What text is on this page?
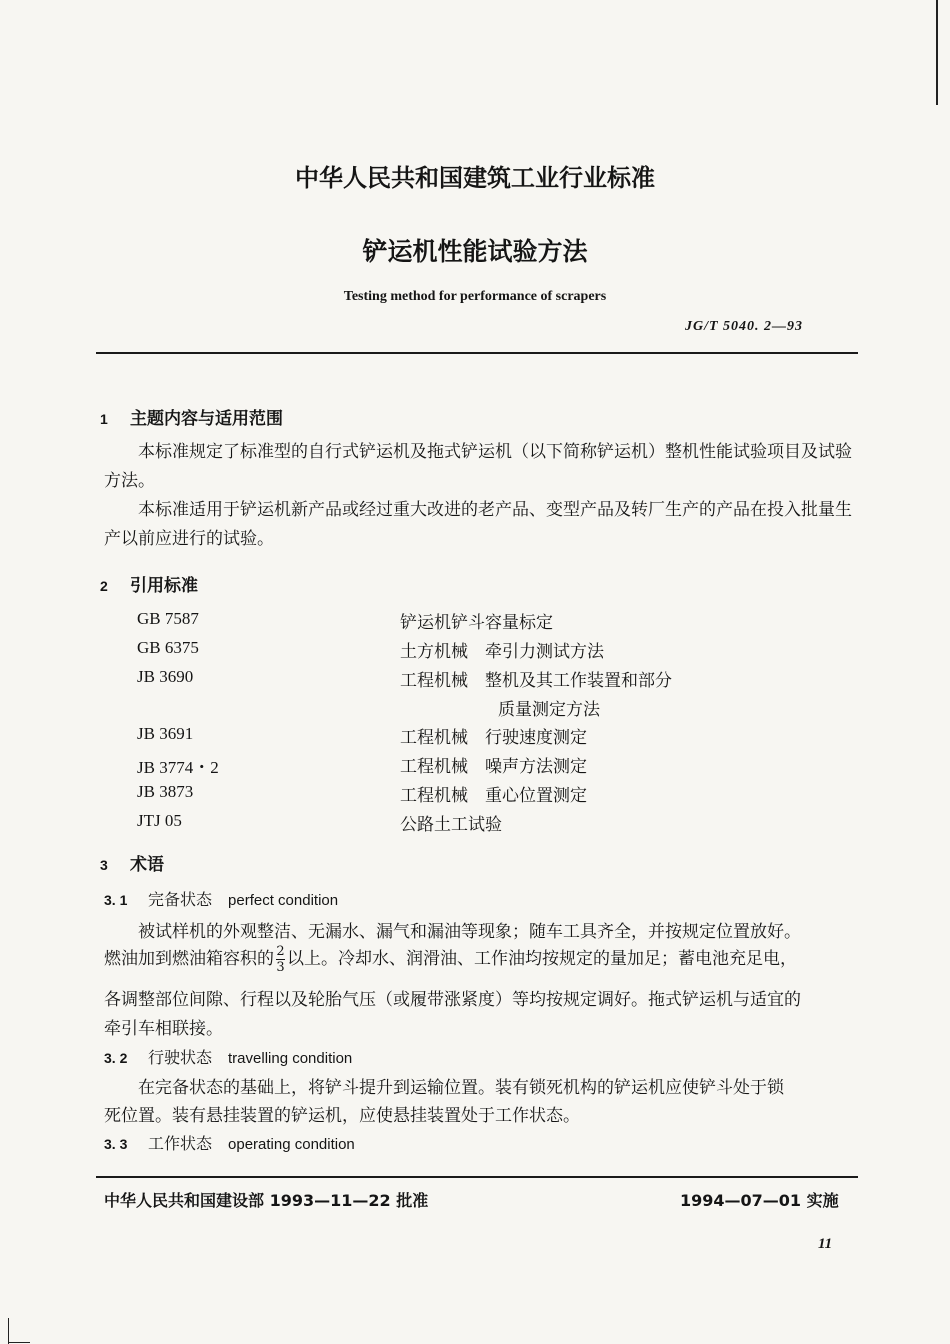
中华人民共和国建筑工业行业标准
铲运机性能试验方法
Testing method for performance of scrapers
JG/T 5040. 2—93
1 主题内容与适用范围

本标准规定了标准型的自行式铲运机及拖式铲运机（以下简称铲运机）整机性能试验项目及试验方法。

本标准适用于铲运机新产品或经过重大改进的老产品、变型产品及转厂生产的产品在投入批量生产以前应进行的试验。

2 引用标准
GB 7587	铲运机铲斗容量标定
GB 6375	土方机械　牵引力测试方法
JB 3690	工程机械　整机及其工作装置和部分
质量测定方法
JB 3691	工程机械　行驶速度测定
JB 3774・2	工程机械　噪声方法测定
JB 3873	工程机械　重心位置测定
JTJ 05	公路土工试验
3 术语
3. 1 完备状态 perfect condition
被试样机的外观整洁、无漏水、漏气和漏油等现象；随车工具齐全，并按规定位置放好。
燃油加到燃油箱容积的 $\frac{2}{3}$ 以上。冷却水、润滑油、工作油均按规定的量加足；蓄电池充足电，
各调整部位间隙、行程以及轮胎气压（或履带涨紧度）等均按规定调好。拖式铲运机与适宜的
牵引车相联接。
3. 2 行驶状态 travelling condition
在完备状态的基础上，将铲斗提升到运输位置。装有锁死机构的铲运机应使铲斗处于锁
死位置。装有悬挂装置的铲运机，应使悬挂装置处于工作状态。
3. 3 工作状态 operating condition
中华人民共和国建设部 1993—11—22 批准	1994—07—01 实施
11
